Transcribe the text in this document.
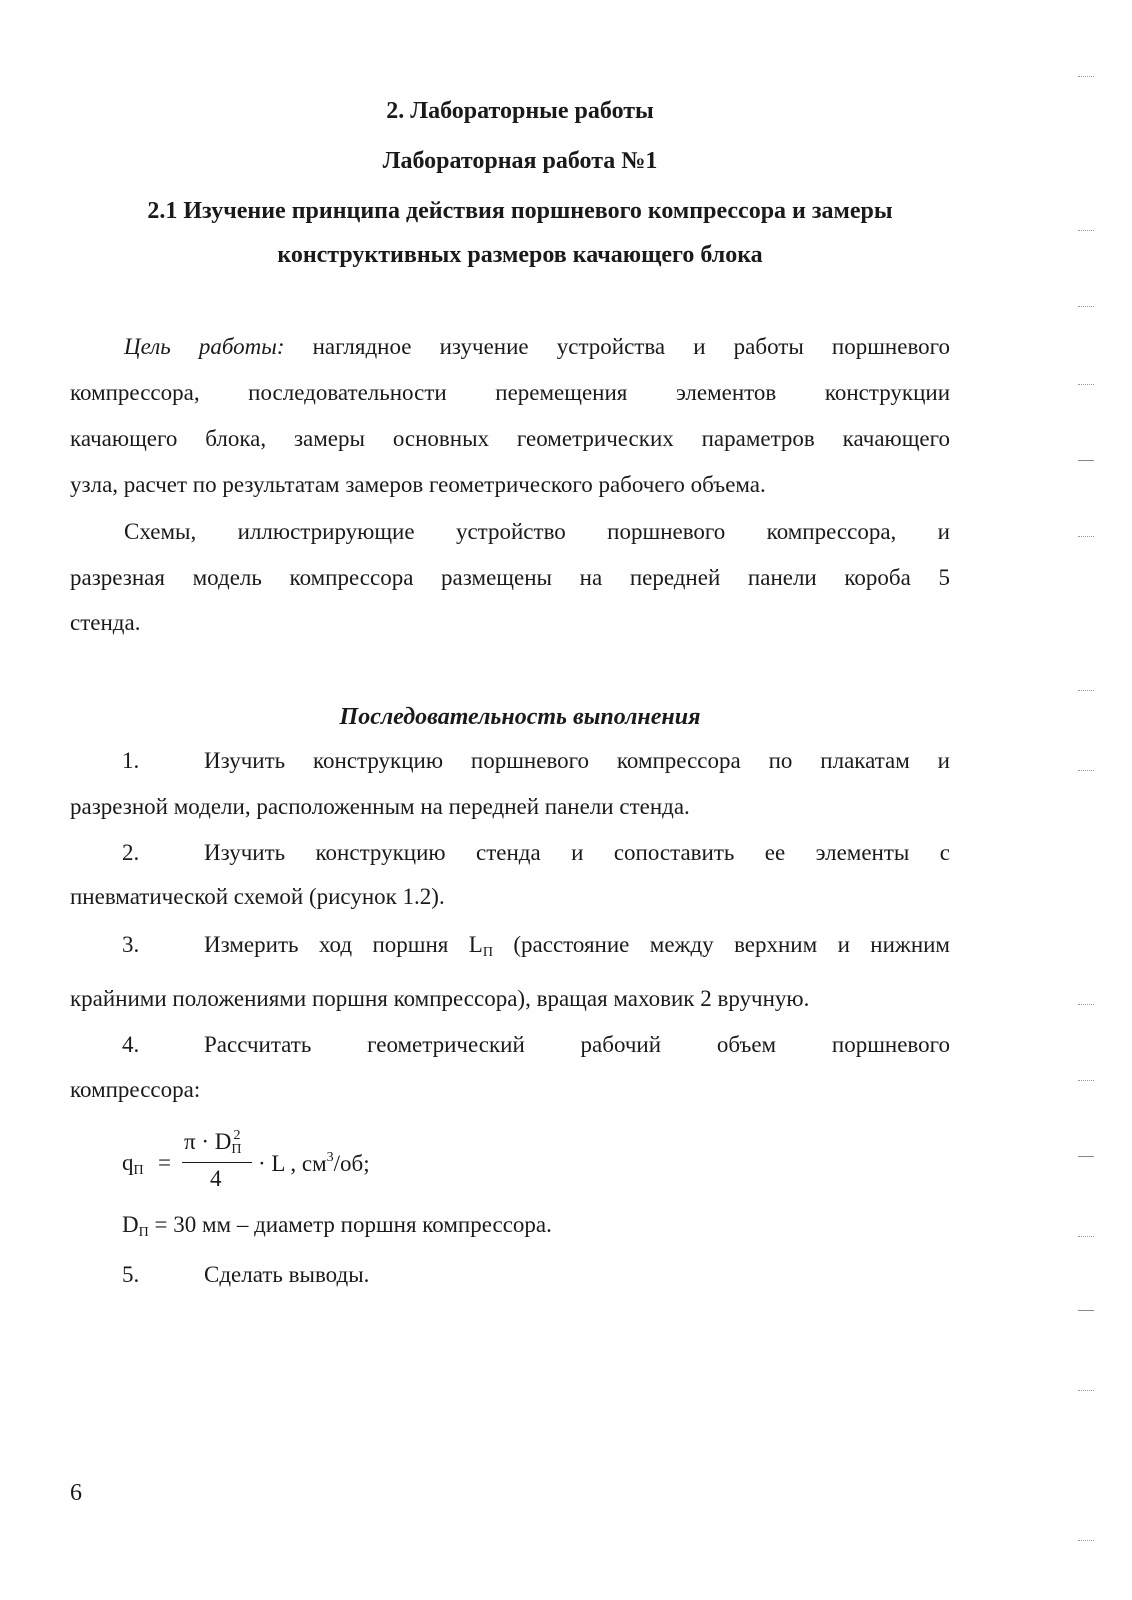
2. Лабораторные работы
Лабораторная работа №1
2.1 Изучение принципа действия поршневого компрессора и замеры
конструктивных размеров качающего блока
Цель работы: наглядное изучение устройства и работы поршневого
компрессора, последовательности перемещения элементов конструкции
качающего блока, замеры основных геометрических параметров качающего
узла, расчет по результатам замеров геометрического рабочего объема.
Схемы, иллюстрирующие устройство поршневого компрессора, и
разрезная модель компрессора размещены на передней панели короба 5
стенда.
Последовательность выполнения
1.	Изучить конструкцию поршневого компрессора по плакатам и
разрезной модели, расположенным на передней панели стенда.
2.	Изучить конструкцию стенда и сопоставить ее элементы с
пневматической схемой (рисунок 1.2).
3.	Измерить ход поршня $L_П$ (расстояние между верхним и нижним
крайними положениями поршня компрессора), вращая маховик 2 вручную.
4.	Рассчитать геометрический рабочий объем поршневого
компрессора:
$q_П$ =
$\pi \cdot D_П^2$
4
· L , $см^3/об$;
$D_П = 30$ мм – диаметр поршня компрессора.
5.	Сделать выводы.
6
